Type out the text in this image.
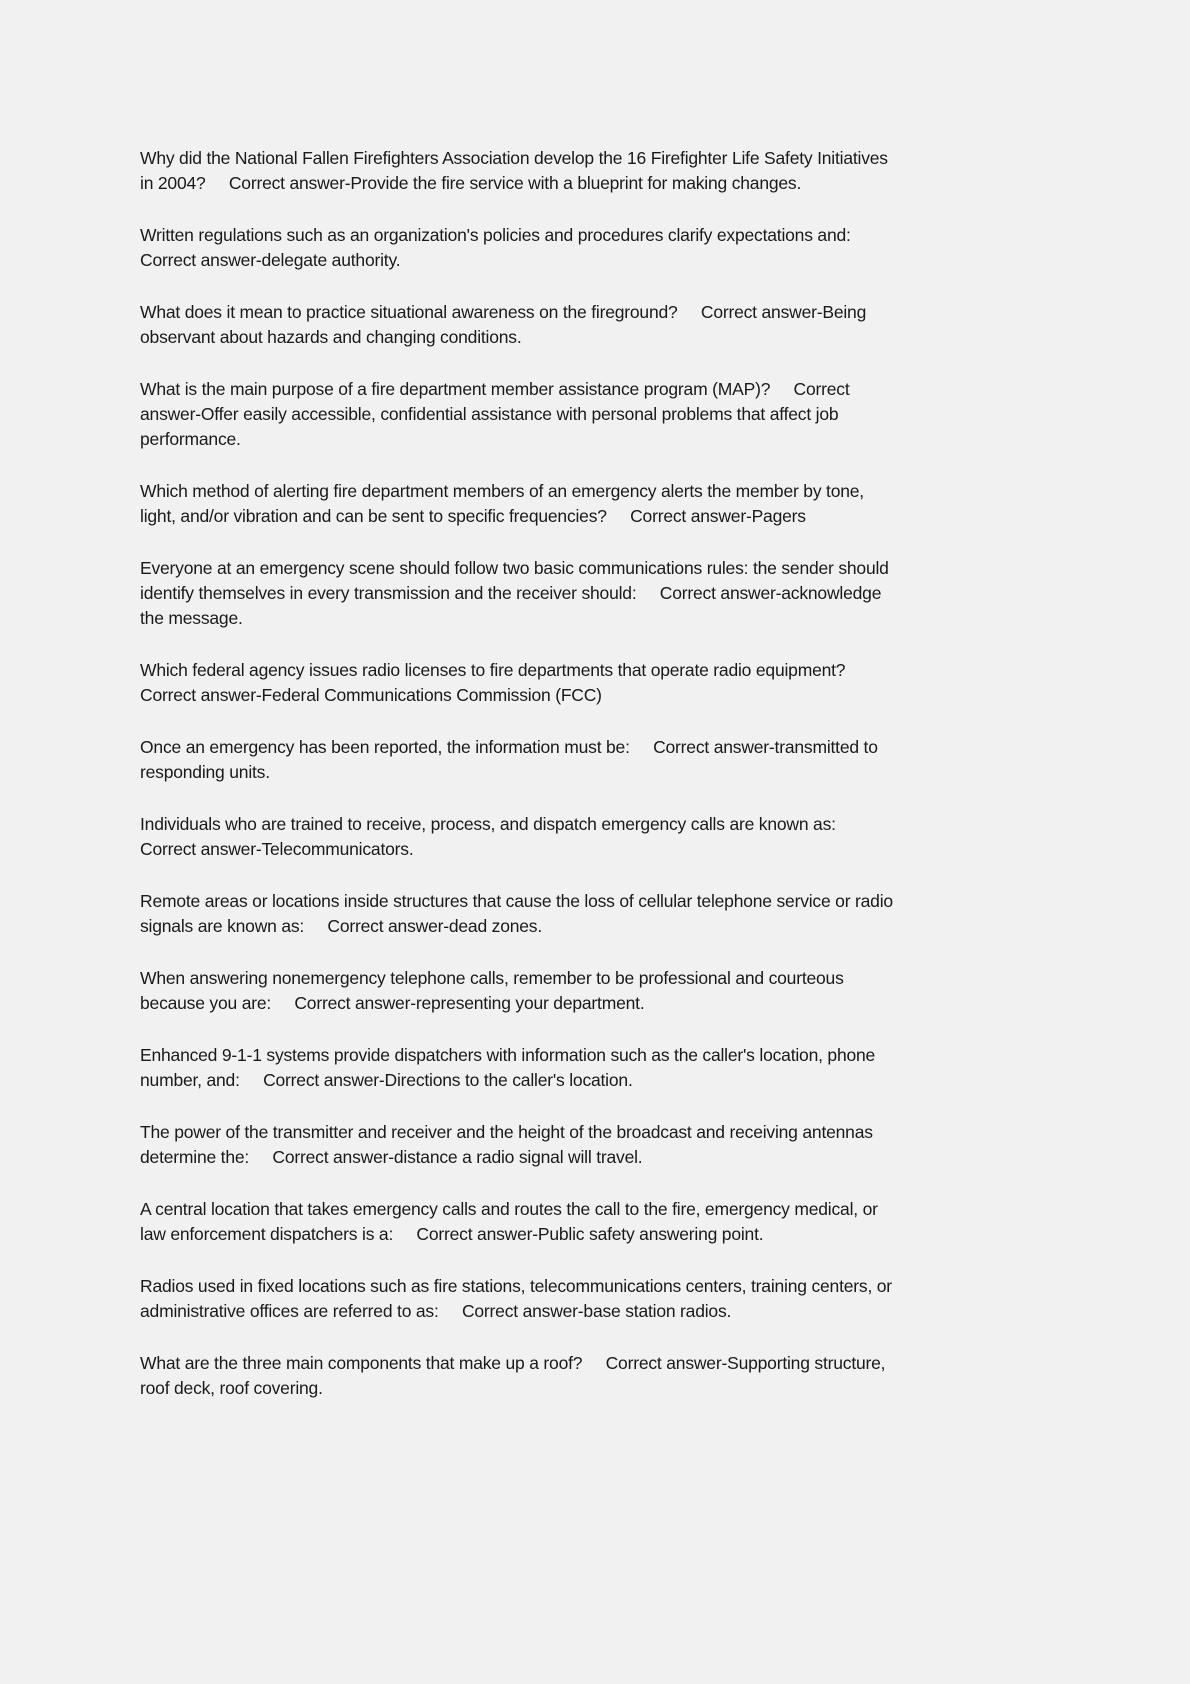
Why did the National Fallen Firefighters Association develop the 16 Firefighter Life Safety Initiatives
in 2004?     Correct answer-Provide the fire service with a blueprint for making changes.
Written regulations such as an organization's policies and procedures clarify expectations and:
Correct answer-delegate authority.
What does it mean to practice situational awareness on the fireground?     Correct answer-Being
observant about hazards and changing conditions.
What is the main purpose of a fire department member assistance program (MAP)?     Correct
answer-Offer easily accessible, confidential assistance with personal problems that affect job
performance.
Which method of alerting fire department members of an emergency alerts the member by tone,
light, and/or vibration and can be sent to specific frequencies?     Correct answer-Pagers
Everyone at an emergency scene should follow two basic communications rules: the sender should
identify themselves in every transmission and the receiver should:     Correct answer-acknowledge
the message.
Which federal agency issues radio licenses to fire departments that operate radio equipment?
Correct answer-Federal Communications Commission (FCC)
Once an emergency has been reported, the information must be:     Correct answer-transmitted to
responding units.
Individuals who are trained to receive, process, and dispatch emergency calls are known as:
Correct answer-Telecommunicators.
Remote areas or locations inside structures that cause the loss of cellular telephone service or radio
signals are known as:     Correct answer-dead zones.
When answering nonemergency telephone calls, remember to be professional and courteous
because you are:     Correct answer-representing your department.
Enhanced 9-1-1 systems provide dispatchers with information such as the caller's location, phone
number, and:     Correct answer-Directions to the caller's location.
The power of the transmitter and receiver and the height of the broadcast and receiving antennas
determine the:     Correct answer-distance a radio signal will travel.
A central location that takes emergency calls and routes the call to the fire, emergency medical, or
law enforcement dispatchers is a:     Correct answer-Public safety answering point.
Radios used in fixed locations such as fire stations, telecommunications centers, training centers, or
administrative offices are referred to as:     Correct answer-base station radios.
What are the three main components that make up a roof?     Correct answer-Supporting structure,
roof deck, roof covering.
